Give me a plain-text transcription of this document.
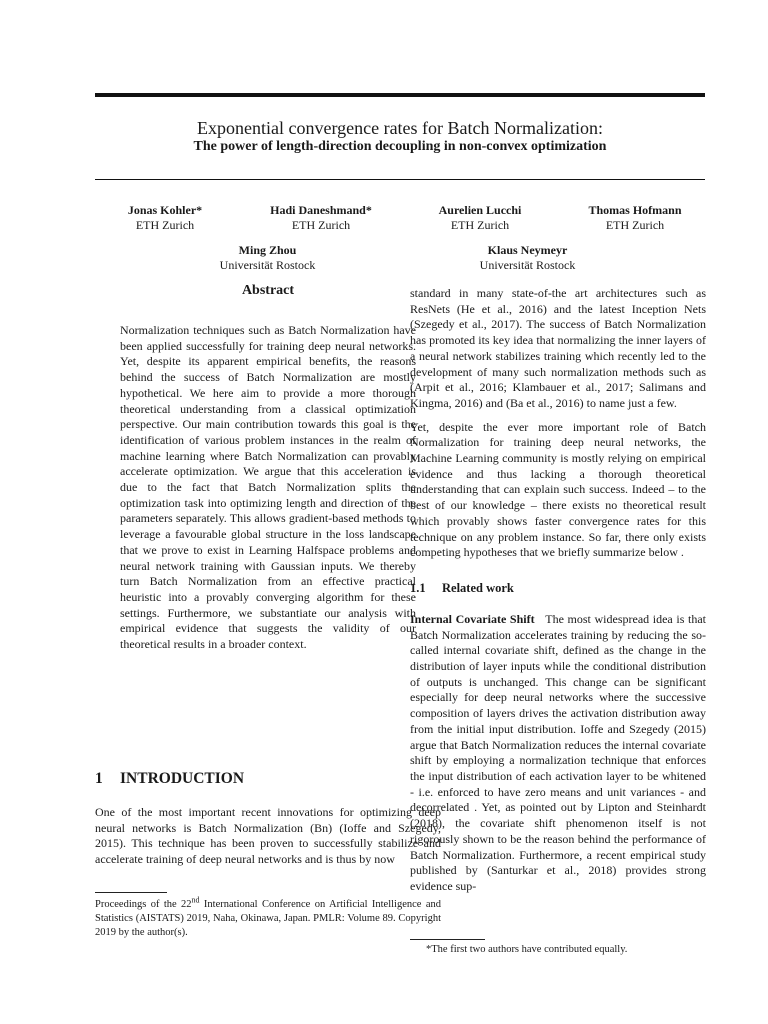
Exponential convergence rates for Batch Normalization:
The power of length-direction decoupling in non-convex optimization
Jonas Kohler*
ETH Zurich
Hadi Daneshmand*
ETH Zurich
Aurelien Lucchi
ETH Zurich
Thomas Hofmann
ETH Zurich
Ming Zhou
Universität Rostock
Klaus Neymeyr
Universität Rostock
Abstract

Normalization techniques such as Batch Normalization have been applied successfully for training deep neural networks. Yet, despite its apparent empirical benefits, the reasons behind the success of Batch Normalization are mostly hypothetical. We here aim to provide a more thorough theoretical understanding from a classical optimization perspective. Our main contribution towards this goal is the identification of various problem instances in the realm of machine learning where Batch Normalization can provably accelerate optimization. We argue that this acceleration is due to the fact that Batch Normalization splits the optimization task into optimizing length and direction of the parameters separately. This allows gradient-based methods to leverage a favourable global structure in the loss landscape that we prove to exist in Learning Halfspace problems and neural network training with Gaussian inputs. We thereby turn Batch Normalization from an effective practical heuristic into a provably converging algorithm for these settings. Furthermore, we substantiate our analysis with empirical evidence that suggests the validity of our theoretical results in a broader context.

1 INTRODUCTION

One of the most important recent innovations for optimizing deep neural networks is Batch Normalization (Bn) (Ioffe and Szegedy, 2015). This technique has been proven to successfully stabilize and accelerate training of deep neural networks and is thus by now

Proceedings of the 22nd International Conference on Artificial Intelligence and Statistics (AISTATS) 2019, Naha, Okinawa, Japan. PMLR: Volume 89. Copyright 2019 by the author(s).

standard in many state-of-the art architectures such as ResNets (He et al., 2016) and the latest Inception Nets (Szegedy et al., 2017). The success of Batch Normalization has promoted its key idea that normalizing the inner layers of a neural network stabilizes training which recently led to the development of many such normalization methods such as (Arpit et al., 2016; Klambauer et al., 2017; Salimans and Kingma, 2016) and (Ba et al., 2016) to name just a few.

Yet, despite the ever more important role of Batch Normalization for training deep neural networks, the Machine Learning community is mostly relying on empirical evidence and thus lacking a thorough theoretical understanding that can explain such success. Indeed – to the best of our knowledge – there exists no theoretical result which provably shows faster convergence rates for this technique on any problem instance. So far, there only exists competing hypotheses that we briefly summarize below .

1.1 Related work

Internal Covariate Shift The most widespread idea is that Batch Normalization accelerates training by reducing the so-called internal covariate shift, defined as the change in the distribution of layer inputs while the conditional distribution of outputs is unchanged. This change can be significant especially for deep neural networks where the successive composition of layers drives the activation distribution away from the initial input distribution. Ioffe and Szegedy (2015) argue that Batch Normalization reduces the internal covariate shift by employing a normalization technique that enforces the input distribution of each activation layer to be whitened - i.e. enforced to have zero means and unit variances - and decorrelated . Yet, as pointed out by Lipton and Steinhardt (2018), the covariate shift phenomenon itself is not rigorously shown to be the reason behind the performance of Batch Normalization. Furthermore, a recent empirical study published by (Santurkar et al., 2018) provides strong evidence sup-

*The first two authors have contributed equally.
